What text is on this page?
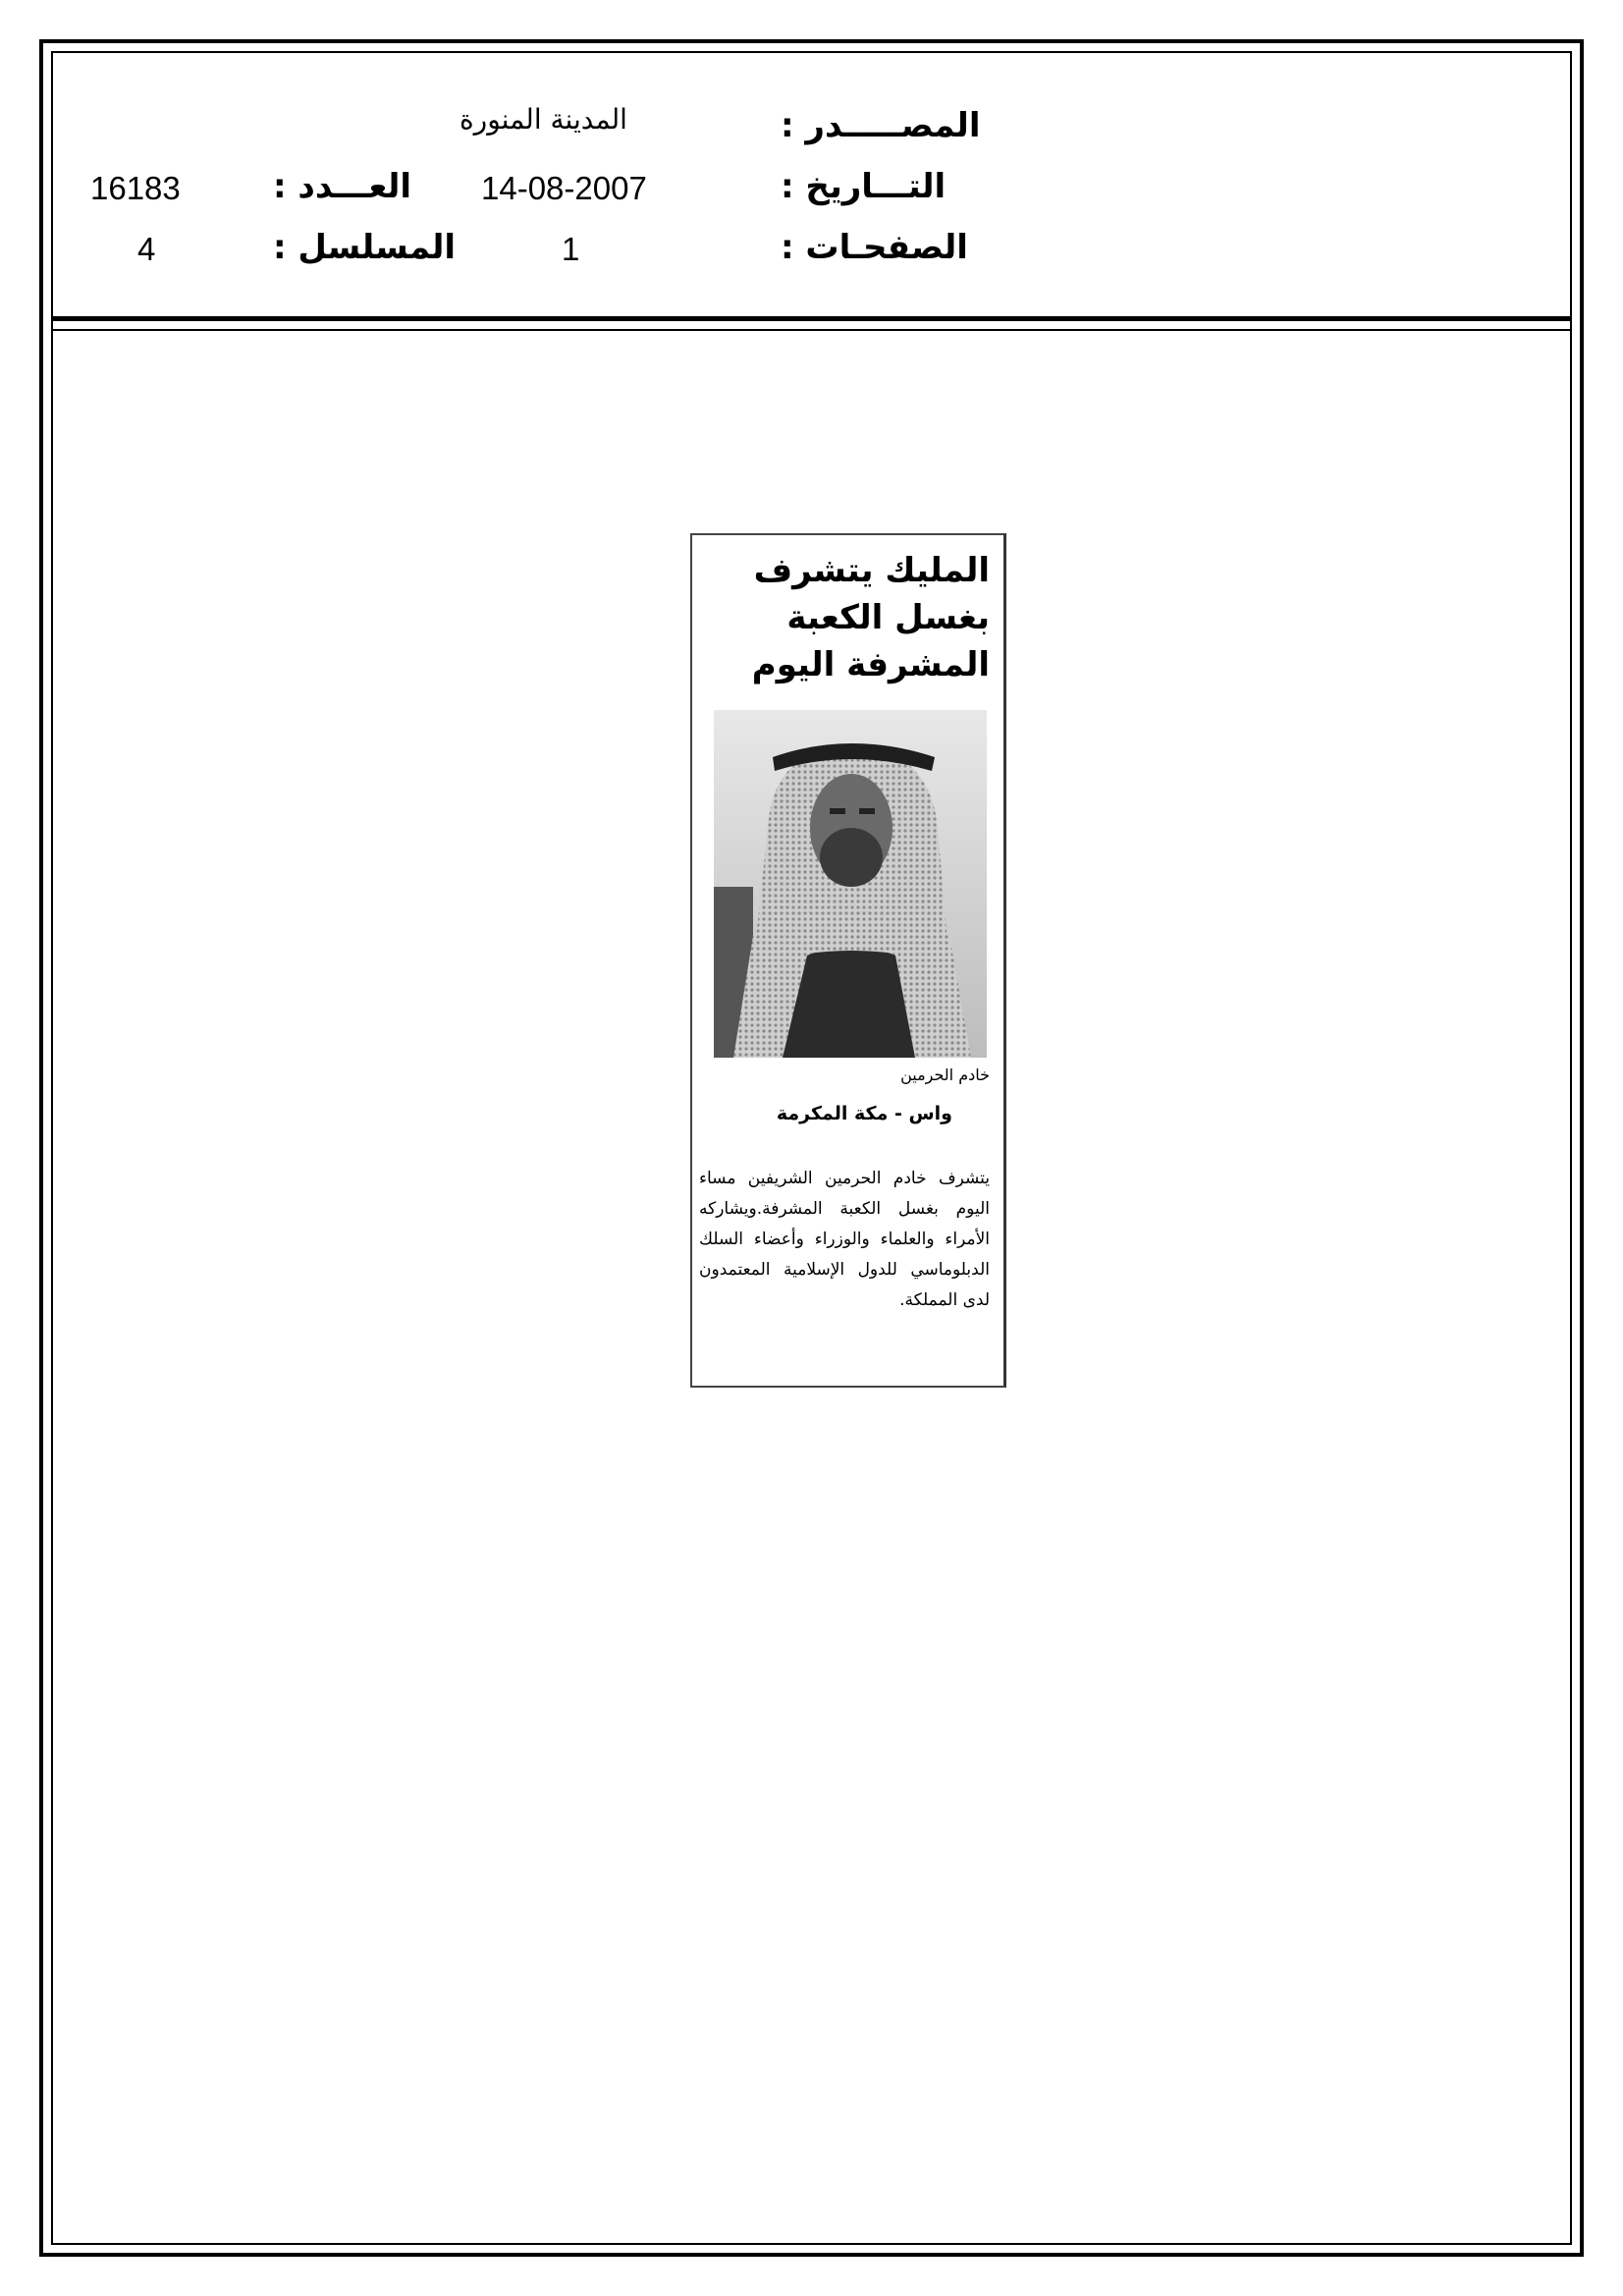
المصـــــدر :
التـــاريخ :
الصفحـات :
المدينة المنورة
14-08-2007
1
العـــدد :
المسلسل :
16183
4
المليك يتشرف
بغسل الكعبة
المشرفة اليوم
خادم الحرمين
واس - مكة المكرمة
يتشرف خادم الحرمين الشريفين مساء اليوم بغسل الكعبة المشرفة.ويشاركه الأمراء والعلماء والوزراء وأعضاء السلك الدبلوماسي للدول الإسلامية المعتمدون لدى المملكة.
